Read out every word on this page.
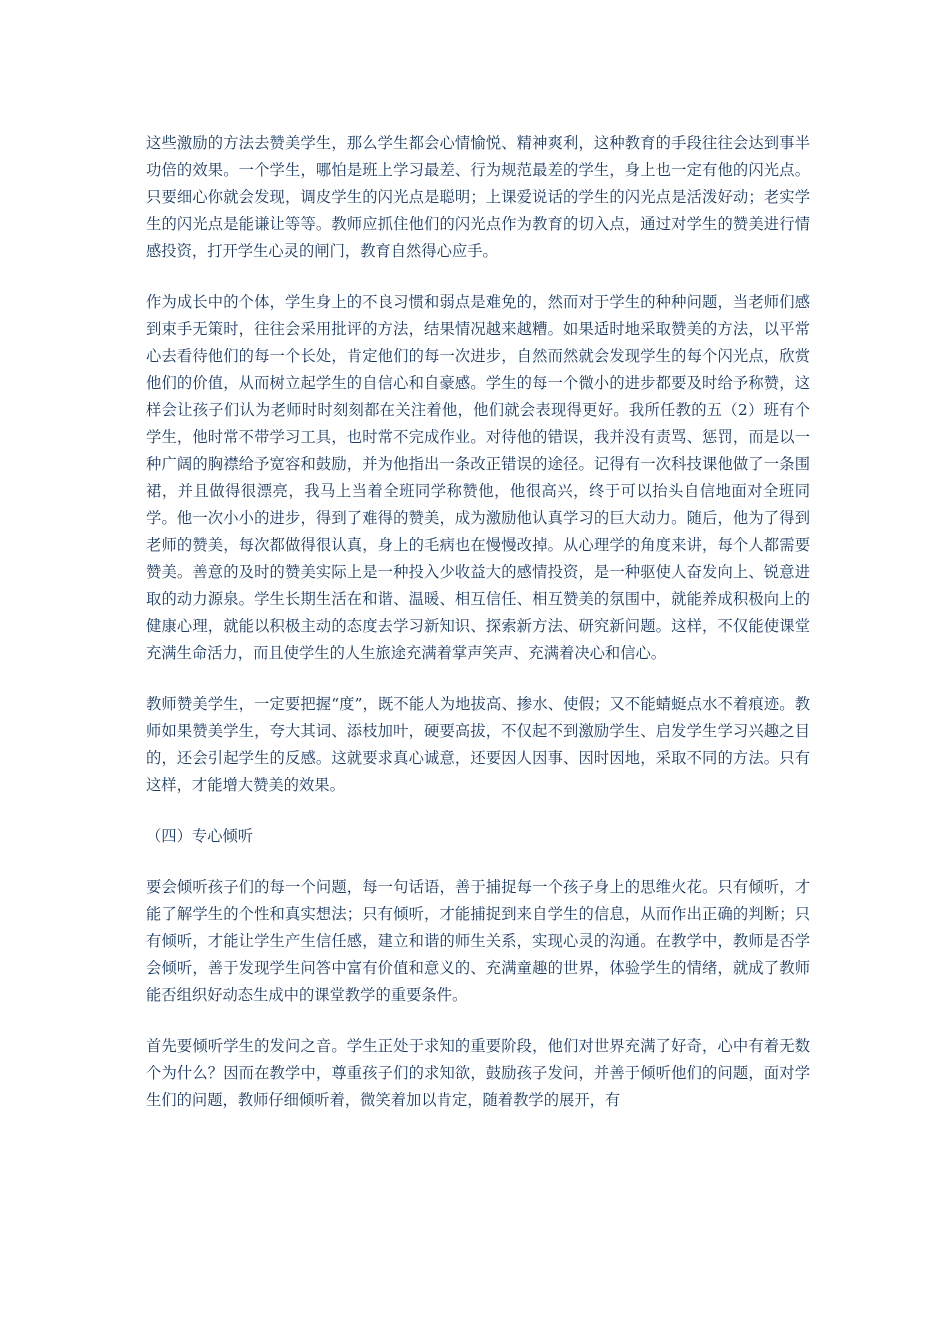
这些激励的方法去赞美学生，那么学生都会心情愉悦、精神爽利，这种教育的手段往往会达到事半功倍的效果。一个学生，哪怕是班上学习最差、行为规范最差的学生，身上也一定有他的闪光点。只要细心你就会发现，调皮学生的闪光点是聪明；上课爱说话的学生的闪光点是活泼好动；老实学生的闪光点是能谦让等等。教师应抓住他们的闪光点作为教育的切入点，通过对学生的赞美进行情感投资，打开学生心灵的闸门，教育自然得心应手。

作为成长中的个体，学生身上的不良习惯和弱点是难免的，然而对于学生的种种问题，当老师们感到束手无策时，往往会采用批评的方法，结果情况越来越糟。如果适时地采取赞美的方法，以平常心去看待他们的每一个长处，肯定他们的每一次进步，自然而然就会发现学生的每个闪光点，欣赏他们的价值，从而树立起学生的自信心和自豪感。学生的每一个微小的进步都要及时给予称赞，这样会让孩子们认为老师时时刻刻都在关注着他，他们就会表现得更好。我所任教的五（2）班有个学生，他时常不带学习工具，也时常不完成作业。对待他的错误，我并没有责骂、惩罚，而是以一种广阔的胸襟给予宽容和鼓励，并为他指出一条改正错误的途径。记得有一次科技课他做了一条围裙，并且做得很漂亮，我马上当着全班同学称赞他，他很高兴，终于可以抬头自信地面对全班同学。他一次小小的进步，得到了难得的赞美，成为激励他认真学习的巨大动力。随后，他为了得到老师的赞美，每次都做得很认真，身上的毛病也在慢慢改掉。从心理学的角度来讲，每个人都需要赞美。善意的及时的赞美实际上是一种投入少收益大的感情投资，是一种驱使人奋发向上、锐意进取的动力源泉。学生长期生活在和谐、温暖、相互信任、相互赞美的氛围中，就能养成积极向上的健康心理，就能以积极主动的态度去学习新知识、探索新方法、研究新问题。这样，不仅能使课堂充满生命活力，而且使学生的人生旅途充满着掌声笑声、充满着决心和信心。

教师赞美学生，一定要把握“度”，既不能人为地拔高、掺水、使假；又不能蜻蜓点水不着痕迹。教师如果赞美学生，夸大其词、添枝加叶，硬要高拔，不仅起不到激励学生、启发学生学习兴趣之目的，还会引起学生的反感。这就要求真心诚意，还要因人因事、因时因地，采取不同的方法。只有这样，才能增大赞美的效果。

（四）专心倾听

要会倾听孩子们的每一个问题，每一句话语，善于捕捉每一个孩子身上的思维火花。只有倾听，才能了解学生的个性和真实想法；只有倾听，才能捕捉到来自学生的信息，从而作出正确的判断；只有倾听，才能让学生产生信任感，建立和谐的师生关系，实现心灵的沟通。在教学中，教师是否学会倾听，善于发现学生问答中富有价值和意义的、充满童趣的世界，体验学生的情绪，就成了教师能否组织好动态生成中的课堂教学的重要条件。

首先要倾听学生的发问之音。学生正处于求知的重要阶段，他们对世界充满了好奇，心中有着无数个为什么？因而在教学中，尊重孩子们的求知欲，鼓励孩子发问，并善于倾听他们的问题，面对学生们的问题，教师仔细倾听着，微笑着加以肯定，随着教学的展开，有
